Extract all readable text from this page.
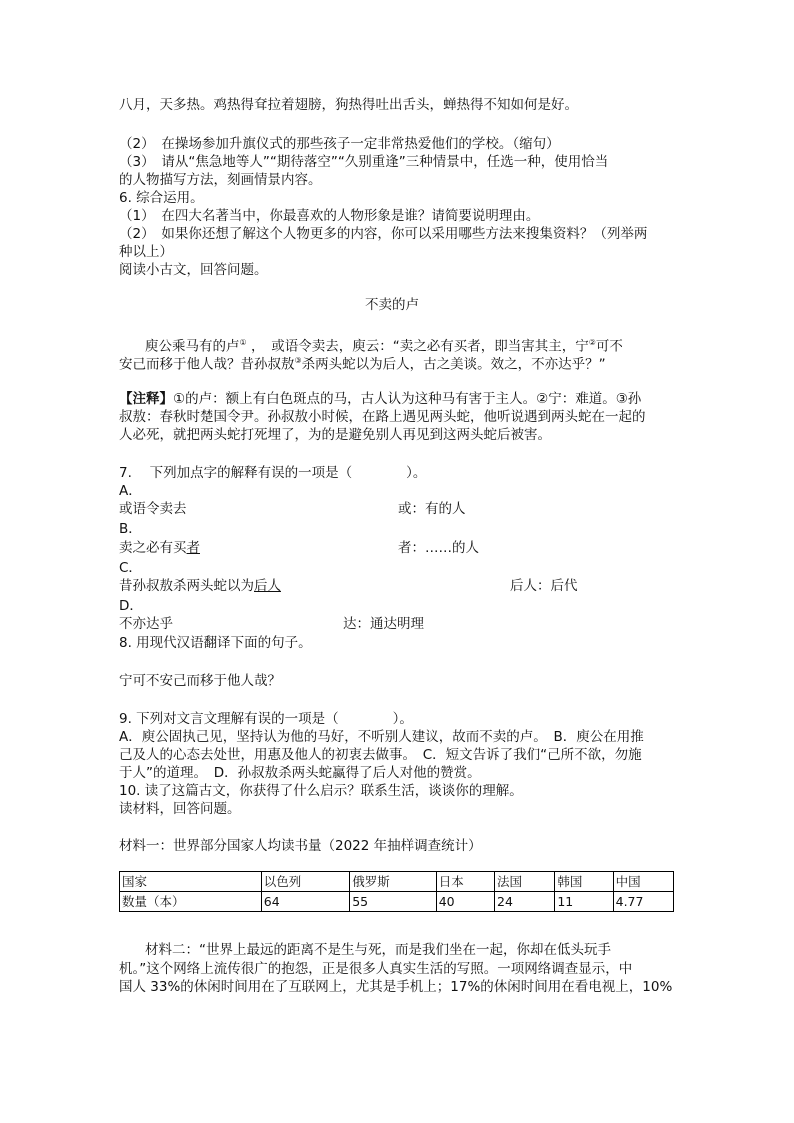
八月，天多热。鸡热得耷拉着翅膀，狗热得吐出舌头，蝉热得不知如何是好。
（2）　在操场参加升旗仪式的那些孩子一定非常热爱他们的学校。（缩句）
（3）　请从“焦急地等人”“期待落空”“久别重逢”三种情景中，任选一种，使用恰当
的人物描写方法，刻画情景内容。
6. 综合运用。
（1）　在四大名著当中，你最喜欢的人物形象是谁？请简要说明理由。
（2）　如果你还想了解这个人物更多的内容，你可以采用哪些方法来搜集资料？（列举两
种以上）
阅读小古文，回答问题。
不卖的卢
庾公乘马有的卢① ，　或语令卖去，庾云：“卖之必有买者，即当害其主，宁②可不
安己而移于他人哉？昔孙叔敖③杀两头蛇以为后人，古之美谈。效之，不亦达乎？”
【注释】①的卢：额上有白色斑点的马，古人认为这种马有害于主人。②宁：难道。③孙
叔敖：春秋时楚国令尹。孙叔敖小时候，在路上遇见两头蛇，他听说遇到两头蛇在一起的
人必死，就把两头蛇打死埋了，为的是避免别人再见到这两头蛇后被害。
7.　 下列加点字的解释有误的一项是（　　　　）。
A．
或语令卖去	或：有的人
B．
卖之必有买者	者：……的人
C．
昔孙叔敖杀两头蛇以为后人	后人：后代
D．
不亦达乎	达：通达明理
8. 用现代汉语翻译下面的句子。
宁可不安己而移于他人哉？
9. 下列对文言文理解有误的一项是（　　　　）。
A．庾公固执己见，坚持认为他的马好，不听别人建议，故而不卖的卢。　B．庾公在用推
己及人的心态去处世，用惠及他人的初衷去做事。　C．短文告诉了我们“己所不欲，勿施
于人”的道理。　D．孙叔敖杀两头蛇赢得了后人对他的赞赏。
10. 读了这篇古文，你获得了什么启示？联系生活，谈谈你的理解。
读材料，回答问题。
材料一：世界部分国家人均读书量（2022 年抽样调查统计）
国家	以色列	俄罗斯	日本	法国	韩国	中国
数量（本）	64	55	40	24	11	4.77
材料二：“世界上最远的距离不是生与死，而是我们坐在一起，你却在低头玩手
机。”这个网络上流传很广的抱怨，正是很多人真实生活的写照。一项网络调查显示，中
国人 33%的休闲时间用在了互联网上，尤其是手机上；17%的休闲时间用在看电视上，10%
